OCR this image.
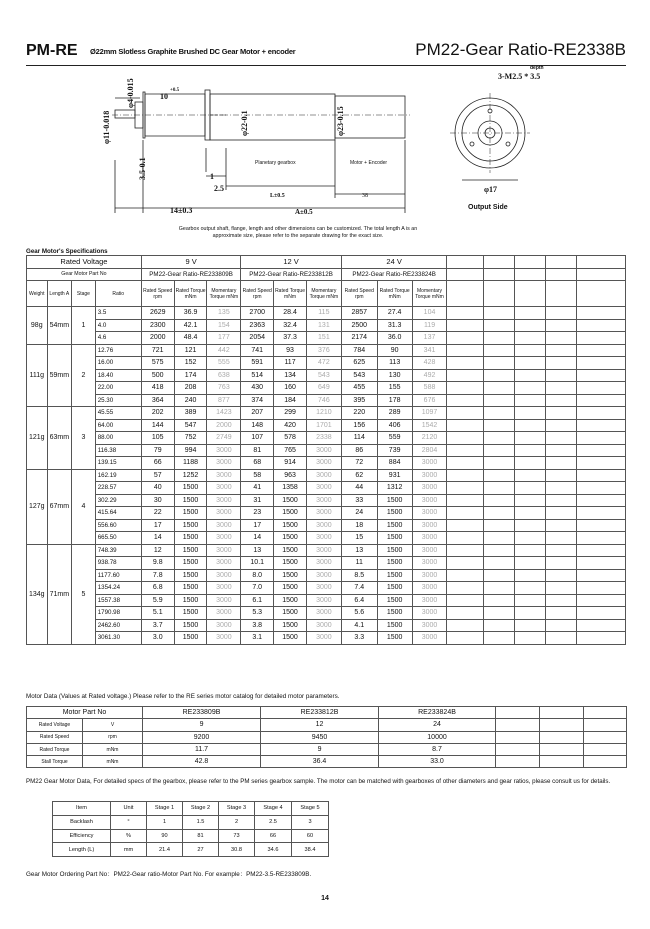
PM-RE Ø22mm Slotless Graphite Brushed DC Gear Motor + encoder	PM22-Gear Ratio-RE2338B
φ4-0.015
φ11-0.018
3.5-0.1
10
+0.5
φ22-0.1	φ23-0.15
1
2.5
L±0.5	38
14±0.3	A±0.5
Planetary gearbox	Motor + Encoder
depth
3-M2.5 * 3.5
φ17
Output Side
Gearbox output shaft, flange, length and other dimensions can be customized. The total length A is an approximate size, please refer to the separate drawing for the exact size.
Gear Motor's Specifications
Rated Voltage				9 V			12 V			24 V							
Gear Motor Part No				PM22-Gear Ratio-RE233809B			PM22-Gear Ratio-RE233812B			PM22-Gear Ratio-RE233824B							
Weight	Length A	Stage	Ratio	Rated Speed rpm	Rated Torque mNm	Momentary Torque mNm	Rated Speed rpm	Rated Torque mNm	Momentary Torque mNm	Rated Speed rpm	Rated Torque mNm	Momentary Torque mNm					
98g	54mm	1	3.5	2629	36.9	135	2700	28.4	115	2857	27.4	104					
			4.0	2300	42.1	154	2363	32.4	131	2500	31.3	119					
			4.6	2000	48.4	177	2054	37.3	151	2174	36.0	137					
111g	59mm	2	12.76	721	121	442	741	93	376	784	90	341					
			16.00	575	152	555	591	117	472	625	113	428					
			18.40	500	174	638	514	134	543	543	130	492					
			22.00	418	208	763	430	160	649	455	155	588					
			25.30	364	240	877	374	184	746	395	178	676					
121g	63mm	3	45.55	202	389	1423	207	299	1210	220	289	1097					
			64.00	144	547	2000	148	420	1701	156	406	1542					
			88.00	105	752	2749	107	578	2338	114	559	2120					
			116.38	79	994	3000	81	765	3000	86	739	2804					
			139.15	66	1188	3000	68	914	3000	72	884	3000					
127g	67mm	4	162.19	57	1252	3000	58	963	3000	62	931	3000					
			228.57	40	1500	3000	41	1358	3000	44	1312	3000					
			302.29	30	1500	3000	31	1500	3000	33	1500	3000					
			415.64	22	1500	3000	23	1500	3000	24	1500	3000					
			556.60	17	1500	3000	17	1500	3000	18	1500	3000					
			665.50	14	1500	3000	14	1500	3000	15	1500	3000					
134g	71mm	5	748.39	12	1500	3000	13	1500	3000	13	1500	3000					
			938.78	9.8	1500	3000	10.1	1500	3000	11	1500	3000					
			1177.60	7.8	1500	3000	8.0	1500	3000	8.5	1500	3000					
			1354.24	6.8	1500	3000	7.0	1500	3000	7.4	1500	3000					
			1557.38	5.9	1500	3000	6.1	1500	3000	6.4	1500	3000					
			1790.98	5.1	1500	3000	5.3	1500	3000	5.6	1500	3000					
			2462.60	3.7	1500	3000	3.8	1500	3000	4.1	1500	3000					
			3061.30	3.0	1500	3000	3.1	1500	3000	3.3	1500	3000					
Motor Data (Values at Rated voltage.) Please refer to the RE series motor catalog for detailed motor parameters.
Motor Part No		RE233809B	RE233812B	RE233824B			
Rated Voltage	V	9	12	24			
Rated Speed	rpm	9200	9450	10000			
Rated Torque	mNm	11.7	9	8.7			
Stall Torque	mNm	42.8	36.4	33.0			
PM22 Gear Motor Data, For detailed specs of the gearbox, please refer to the PM series gearbox sample. The motor can be matched with gearboxes of other diameters and gear ratios, please consult us for details.
Item	Unit	Stage 1	Stage 2	Stage 3	Stage 4	Stage 5
Backlash	°	1	1.5	2	2.5	3
Efficiency	%	90	81	73	66	60
Length (L)	mm	21.4	27	30.8	34.6	38.4
Gear Motor Ordering Part No：PM22-Gear ratio-Motor Part No. For example：PM22-3.5-RE233809B.
14
